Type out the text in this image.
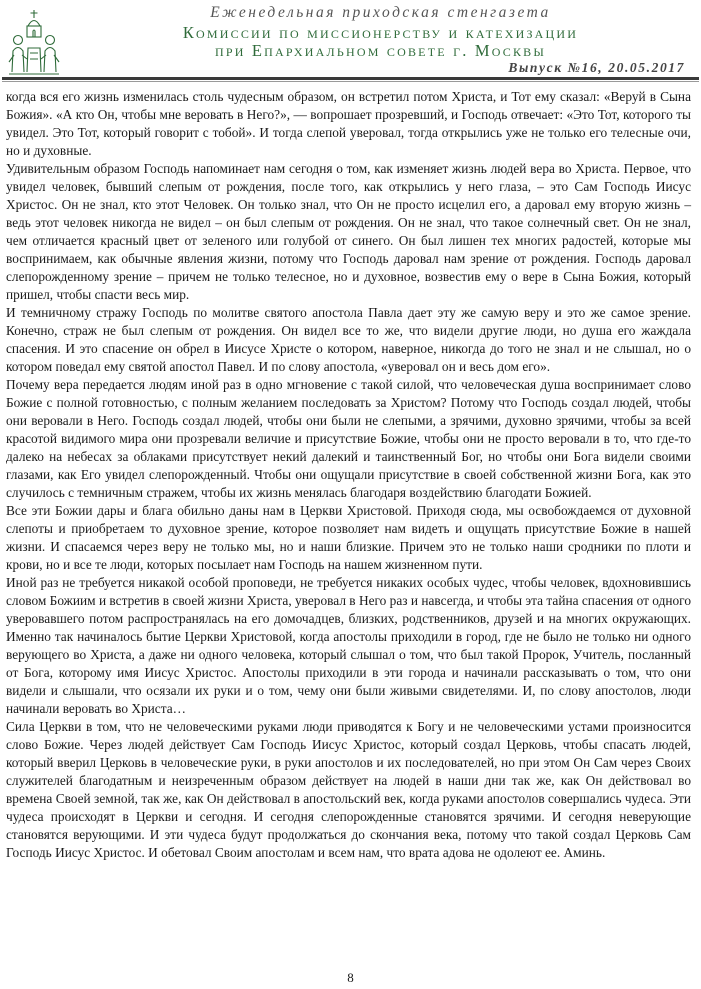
Еженедельная приходская стенгазета
Комиссии по миссионерству и катехизации
при Епархиальном совете г. Москвы
Выпуск №16, 20.05.2017

когда вся его жизнь изменилась столь чудесным образом, он встретил потом Христа, и Тот ему сказал: «Веруй в Сына Божия». «А кто Он, чтобы мне веровать в Него?», — вопрошает прозревший, и Господь отвечает: «Это Тот, которого ты увидел. Это Тот, который говорит с тобой». И тогда слепой уверовал, тогда открылись уже не только его телесные очи, но и духовные.

Удивительным образом Господь напоминает нам сегодня о том, как изменяет жизнь людей вера во Христа. Первое, что увидел человек, бывший слепым от рождения, после того, как открылись у него глаза, – это Сам Господь Иисус Христос. Он не знал, кто этот Человек. Он только знал, что Он не просто исцелил его, а даровал ему вторую жизнь – ведь этот человек никогда не видел – он был слепым от рождения. Он не знал, что такое солнечный свет. Он не знал, чем отличается красный цвет от зеленого или голубой от синего. Он был лишен тех многих радостей, которые мы воспринимаем, как обычные явления жизни, потому что Господь даровал нам зрение от рождения. Господь даровал слепорожденному зрение – причем не только телесное, но и духовное, возвестив ему о вере в Сына Божия, который пришел, чтобы спасти весь мир.

И темничному стражу Господь по молитве святого апостола Павла дает эту же самую веру и это же самое зрение. Конечно, страж не был слепым от рождения. Он видел все то же, что видели другие люди, но душа его жаждала спасения. И это спасение он обрел в Иисусе Христе о котором, наверное, никогда до того не знал и не слышал, но о котором поведал ему святой апостол Павел. И по слову апостола, «уверовал он и весь дом его».

Почему вера передается людям иной раз в одно мгновение с такой силой, что человеческая душа воспринимает слово Божие с полной готовностью, с полным желанием последовать за Христом? Потому что Господь создал людей, чтобы они веровали в Него. Господь создал людей, чтобы они были не слепыми, а зрячими, духовно зрячими, чтобы за всей красотой видимого мира они прозревали величие и присутствие Божие, чтобы они не просто веровали в то, что где-то далеко на небесах за облаками присутствует некий далекий и таинственный Бог, но чтобы они Бога видели своими глазами, как Его увидел слепорожденный. Чтобы они ощущали присутствие в своей собственной жизни Бога, как это случилось с темничным стражем, чтобы их жизнь менялась благодаря воздействию благодати Божией.

Все эти Божии дары и блага обильно даны нам в Церкви Христовой. Приходя сюда, мы освобождаемся от духовной слепоты и приобретаем то духовное зрение, которое позволяет нам видеть и ощущать присутствие Божие в нашей жизни. И спасаемся через веру не только мы, но и наши близкие. Причем это не только наши сродники по плоти и крови, но и все те люди, которых посылает нам Господь на нашем жизненном пути.

Иной раз не требуется никакой особой проповеди, не требуется никаких особых чудес, чтобы человек, вдохновившись словом Божиим и встретив в своей жизни Христа, уверовал в Него раз и навсегда, и чтобы эта тайна спасения от одного уверовавшего потом распространялась на его домочадцев, близких, родственников, друзей и на многих окружающих. Именно так начиналось бытие Церкви Христовой, когда апостолы приходили в город, где не было не только ни одного верующего во Христа, а даже ни одного человека, который слышал о том, что был такой Пророк, Учитель, посланный от Бога, которому имя Иисус Христос. Апостолы приходили в эти города и начинали рассказывать о том, что они видели и слышали, что осязали их руки и о том, чему они были живыми свидетелями. И, по слову апостолов, люди начинали веровать во Христа…

Сила Церкви в том, что не человеческими руками люди приводятся к Богу и не человеческими устами произносится слово Божие. Через людей действует Сам Господь Иисус Христос, который создал Церковь, чтобы спасать людей, который вверил Церковь в человеческие руки, в руки апостолов и их последователей, но при этом Он Сам через Своих служителей благодатным и неизреченным образом действует на людей в наши дни так же, как Он действовал во времена Своей земной, так же, как Он действовал в апостольский век, когда руками апостолов совершались чудеса. Эти чудеса происходят в Церкви и сегодня. И сегодня слепорожденные становятся зрячими. И сегодня неверующие становятся верующими. И эти чудеса будут продолжаться до скончания века, потому что такой создал Церковь Сам Господь Иисус Христос. И обетовал Своим апостолам и всем нам, что врата адова не одолеют ее. Аминь.

8
